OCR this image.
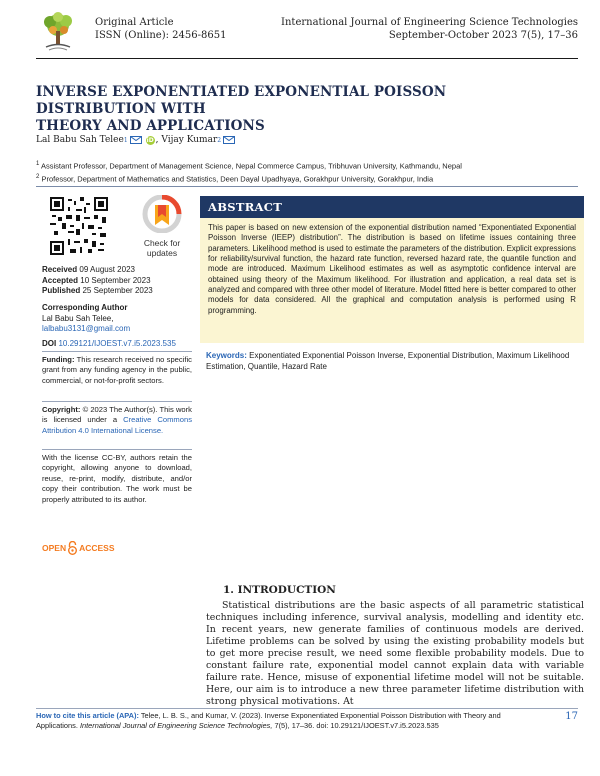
Original Article
ISSN (Online): 2456-8651
International Journal of Engineering Science Technologies
September-October 2023 7(5), 17–36
INVERSE EXPONENTIATED EXPONENTIAL POISSON DISTRIBUTION WITH
THEORY AND APPLICATIONS
Lal Babu Sah Telee 1	iD , Vijay Kumar 2
$^1$ Assistant Professor, Department of Management Science, Nepal Commerce Campus, Tribhuvan University, Kathmandu, Nepal
$^2$ Professor, Department of Mathematics and Statistics, Deen Dayal Upadhyaya, Gorakhpur University, Gorakhpur, India
Check for
updates
Received 09 August 2023
Accepted 10 September 2023
Published 25 September 2023
Corresponding Author
Lal Babu Sah Telee,
lalbabu3131@gmail.com
DOI 10.29121/IJOEST.v7.i5.2023.535
Funding: This research received no specific grant from any funding agency in the public, commercial, or not-for-profit sectors.
Copyright: © 2023 The Author(s). This work is licensed under a Creative Commons Attribution 4.0 International License.
With the license CC-BY, authors retain the copyright, allowing anyone to download, reuse, re-print, modify, distribute, and/or copy their contribution. The work must be properly attributed to its author.
OPEN ACCESS
ABSTRACT

This paper is based on new extension of the exponential distribution named “Exponentiated Exponential Poisson Inverse (IEEP) distribution”. The distribution is based on lifetime issues containing three parameters. Likelihood method is used to estimate the parameters of the distribution. Explicit expressions for reliability/survival function, the hazard rate function, reversed hazard rate, the quantile function and mode are introduced. Maximum Likelihood estimates as well as asymptotic confidence interval are obtained using theory of the Maximum likelihood. For illustration and application, a real data set is analyzed and compared with three other model of literature. Model fitted here is better compared to other models for data considered. All the graphical and computation analysis is performed using R programming.

Keywords: Exponentiated Exponential Poisson Inverse, Exponential Distribution, Maximum Likelihood Estimation, Quantile, Hazard Rate
1. INTRODUCTION
Statistical distributions are the basic aspects of all parametric statistical techniques including inference, survival analysis, modelling and identity etc. In recent years, new generate families of continuous models are derived. Lifetime problems can be solved by using the existing probability models but to get more precise result, we need some flexible probability models. Due to constant failure rate, exponential model cannot explain data with variable failure rate. Hence, misuse of exponential lifetime model will not be suitable. Here, our aim is to introduce a new three parameter lifetime distribution with strong physical motivations. At
How to cite this article (APA): Telee, L. B. S., and Kumar, V. (2023). Inverse Exponentiated Exponential Poisson Distribution with Theory and Applications. International Journal of Engineering Science Technologies, 7(5), 17–36. doi: 10.29121/IJOEST.v7.i5.2023.535
17
